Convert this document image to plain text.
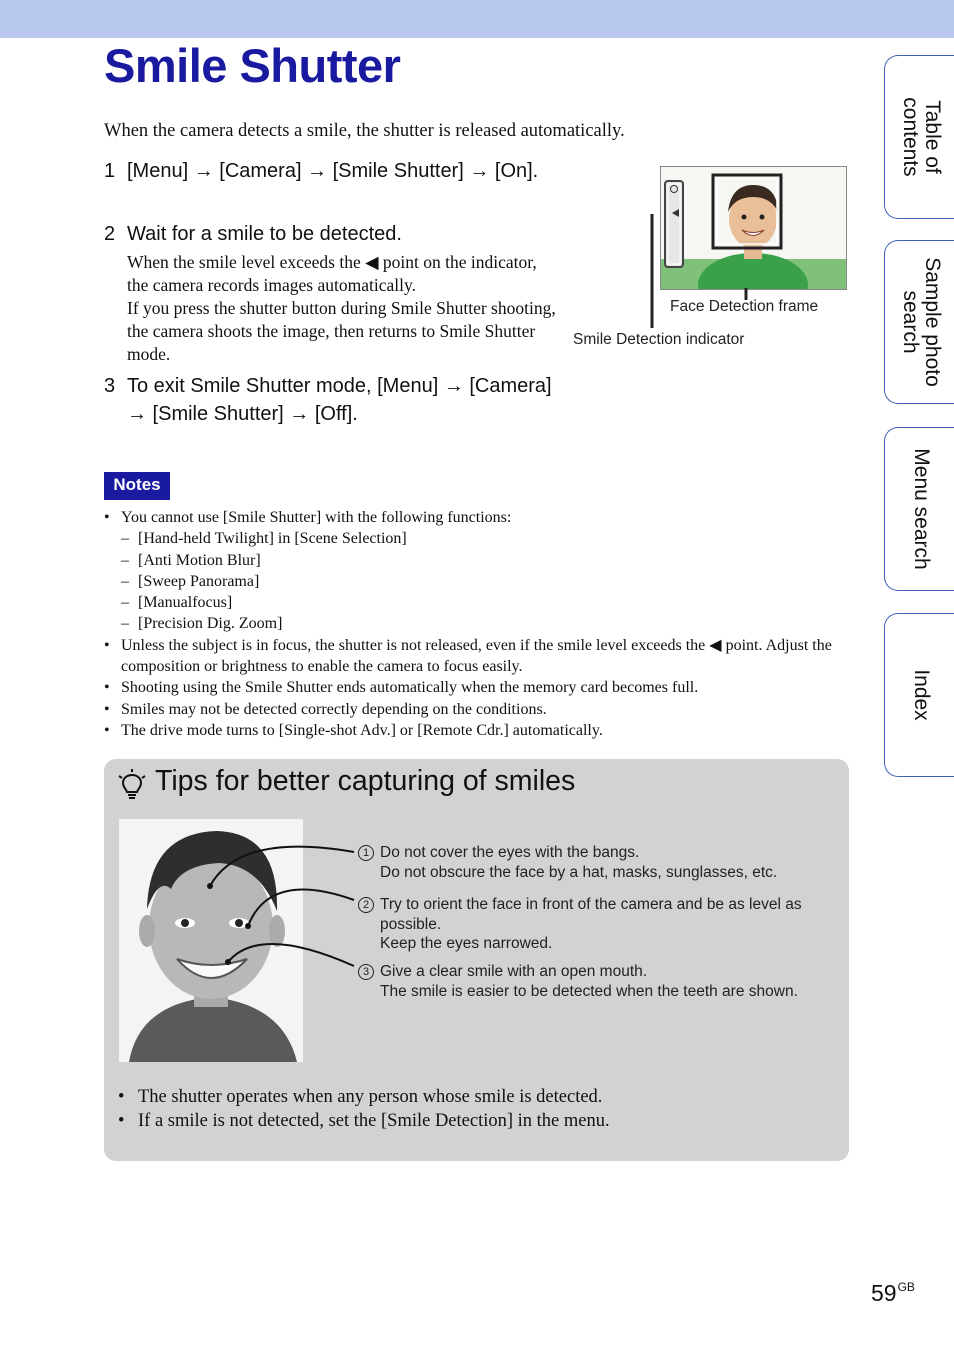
Smile Shutter
When the camera detects a smile, the shutter is released automatically.
1 [Menu] → [Camera] → [Smile Shutter] → [On].
2 Wait for a smile to be detected.

When the smile level exceeds the ◀ point on the indicator, the camera records images automatically.

If you press the shutter button during Smile Shutter shooting, the camera shoots the image, then returns to Smile Shutter mode.

3 To exit Smile Shutter mode, [Menu] → [Camera] → [Smile Shutter] → [Off].
Face Detection frame
Smile Detection indicator
Notes
• You cannot use [Smile Shutter] with the following functions:
– [Hand-held Twilight] in [Scene Selection]
– [Anti Motion Blur]
– [Sweep Panorama]
– [Manualfocus]
– [Precision Dig. Zoom]
• Unless the subject is in focus, the shutter is not released, even if the smile level exceeds the ◀ point. Adjust the composition or brightness to enable the camera to focus easily.
• Shooting using the Smile Shutter ends automatically when the memory card becomes full.
• Smiles may not be detected correctly depending on the conditions.
• The drive mode turns to [Single-shot Adv.] or [Remote Cdr.] automatically.
Tips for better capturing of smiles
1 Do not cover the eyes with the bangs.
Do not obscure the face by a hat, masks, sunglasses, etc.
2 Try to orient the face in front of the camera and be as level as possible.
Keep the eyes narrowed.
3 Give a clear smile with an open mouth.
The smile is easier to be detected when the teeth are shown.
• The shutter operates when any person whose smile is detected.
• If a smile is not detected, set the [Smile Detection] in the menu.
Table of contents
Sample photo search
Menu search
Index
$59^{GB}$
